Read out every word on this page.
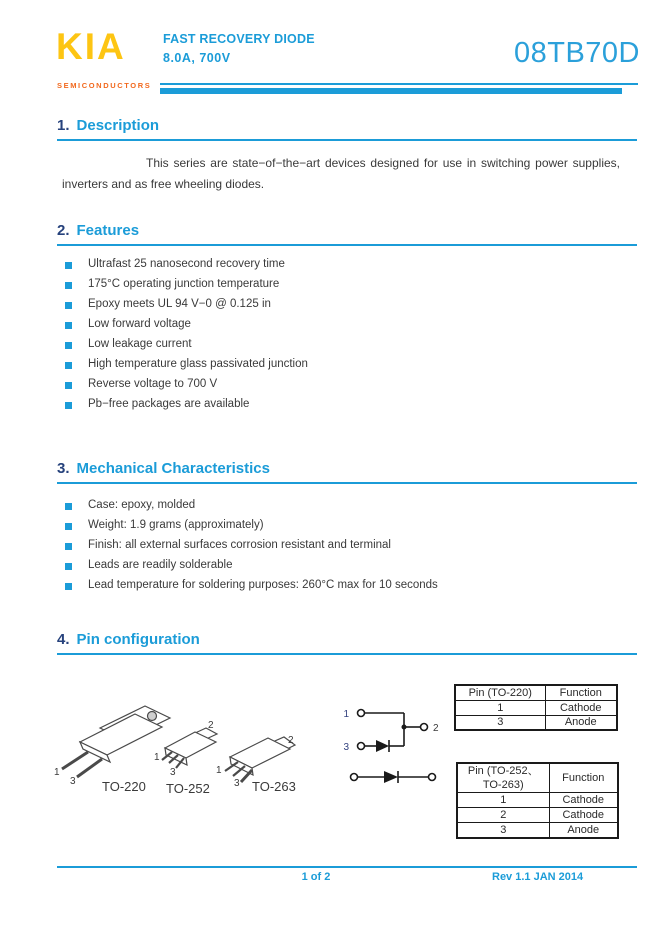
KIA
SEMICONDUCTORS
FAST RECOVERY DIODE
8.0A, 700V	08TB70D
1. Description

This series are state−of−the−art devices designed for use in switching power supplies, inverters and as free wheeling diodes.

2. Features
Ultrafast 25 nanosecond recovery time
175°C operating junction temperature
Epoxy meets UL 94 V−0 @ 0.125 in
Low forward voltage
Low leakage current
High temperature glass passivated junction
Reverse voltage to 700 V
Pb−free packages are available
3. Mechanical Characteristics
Case: epoxy, molded
Weight: 1.9 grams (approximately)
Finish: all external surfaces corrosion resistant and terminal
Leads are readily solderable
Lead temperature for soldering purposes: 260°C max for 10 seconds
4. Pin configuration
1
3 TO-220
1
2
3
TO-252
1
2
3 TO-263
1
2
3
Pin (TO-220)	Function
1	Cathode
3	Anode
Pin (TO-252、
TO-263)	Function
1	Cathode
2	Cathode
3	Anode
1 of 2	Rev 1.1 JAN 2014
